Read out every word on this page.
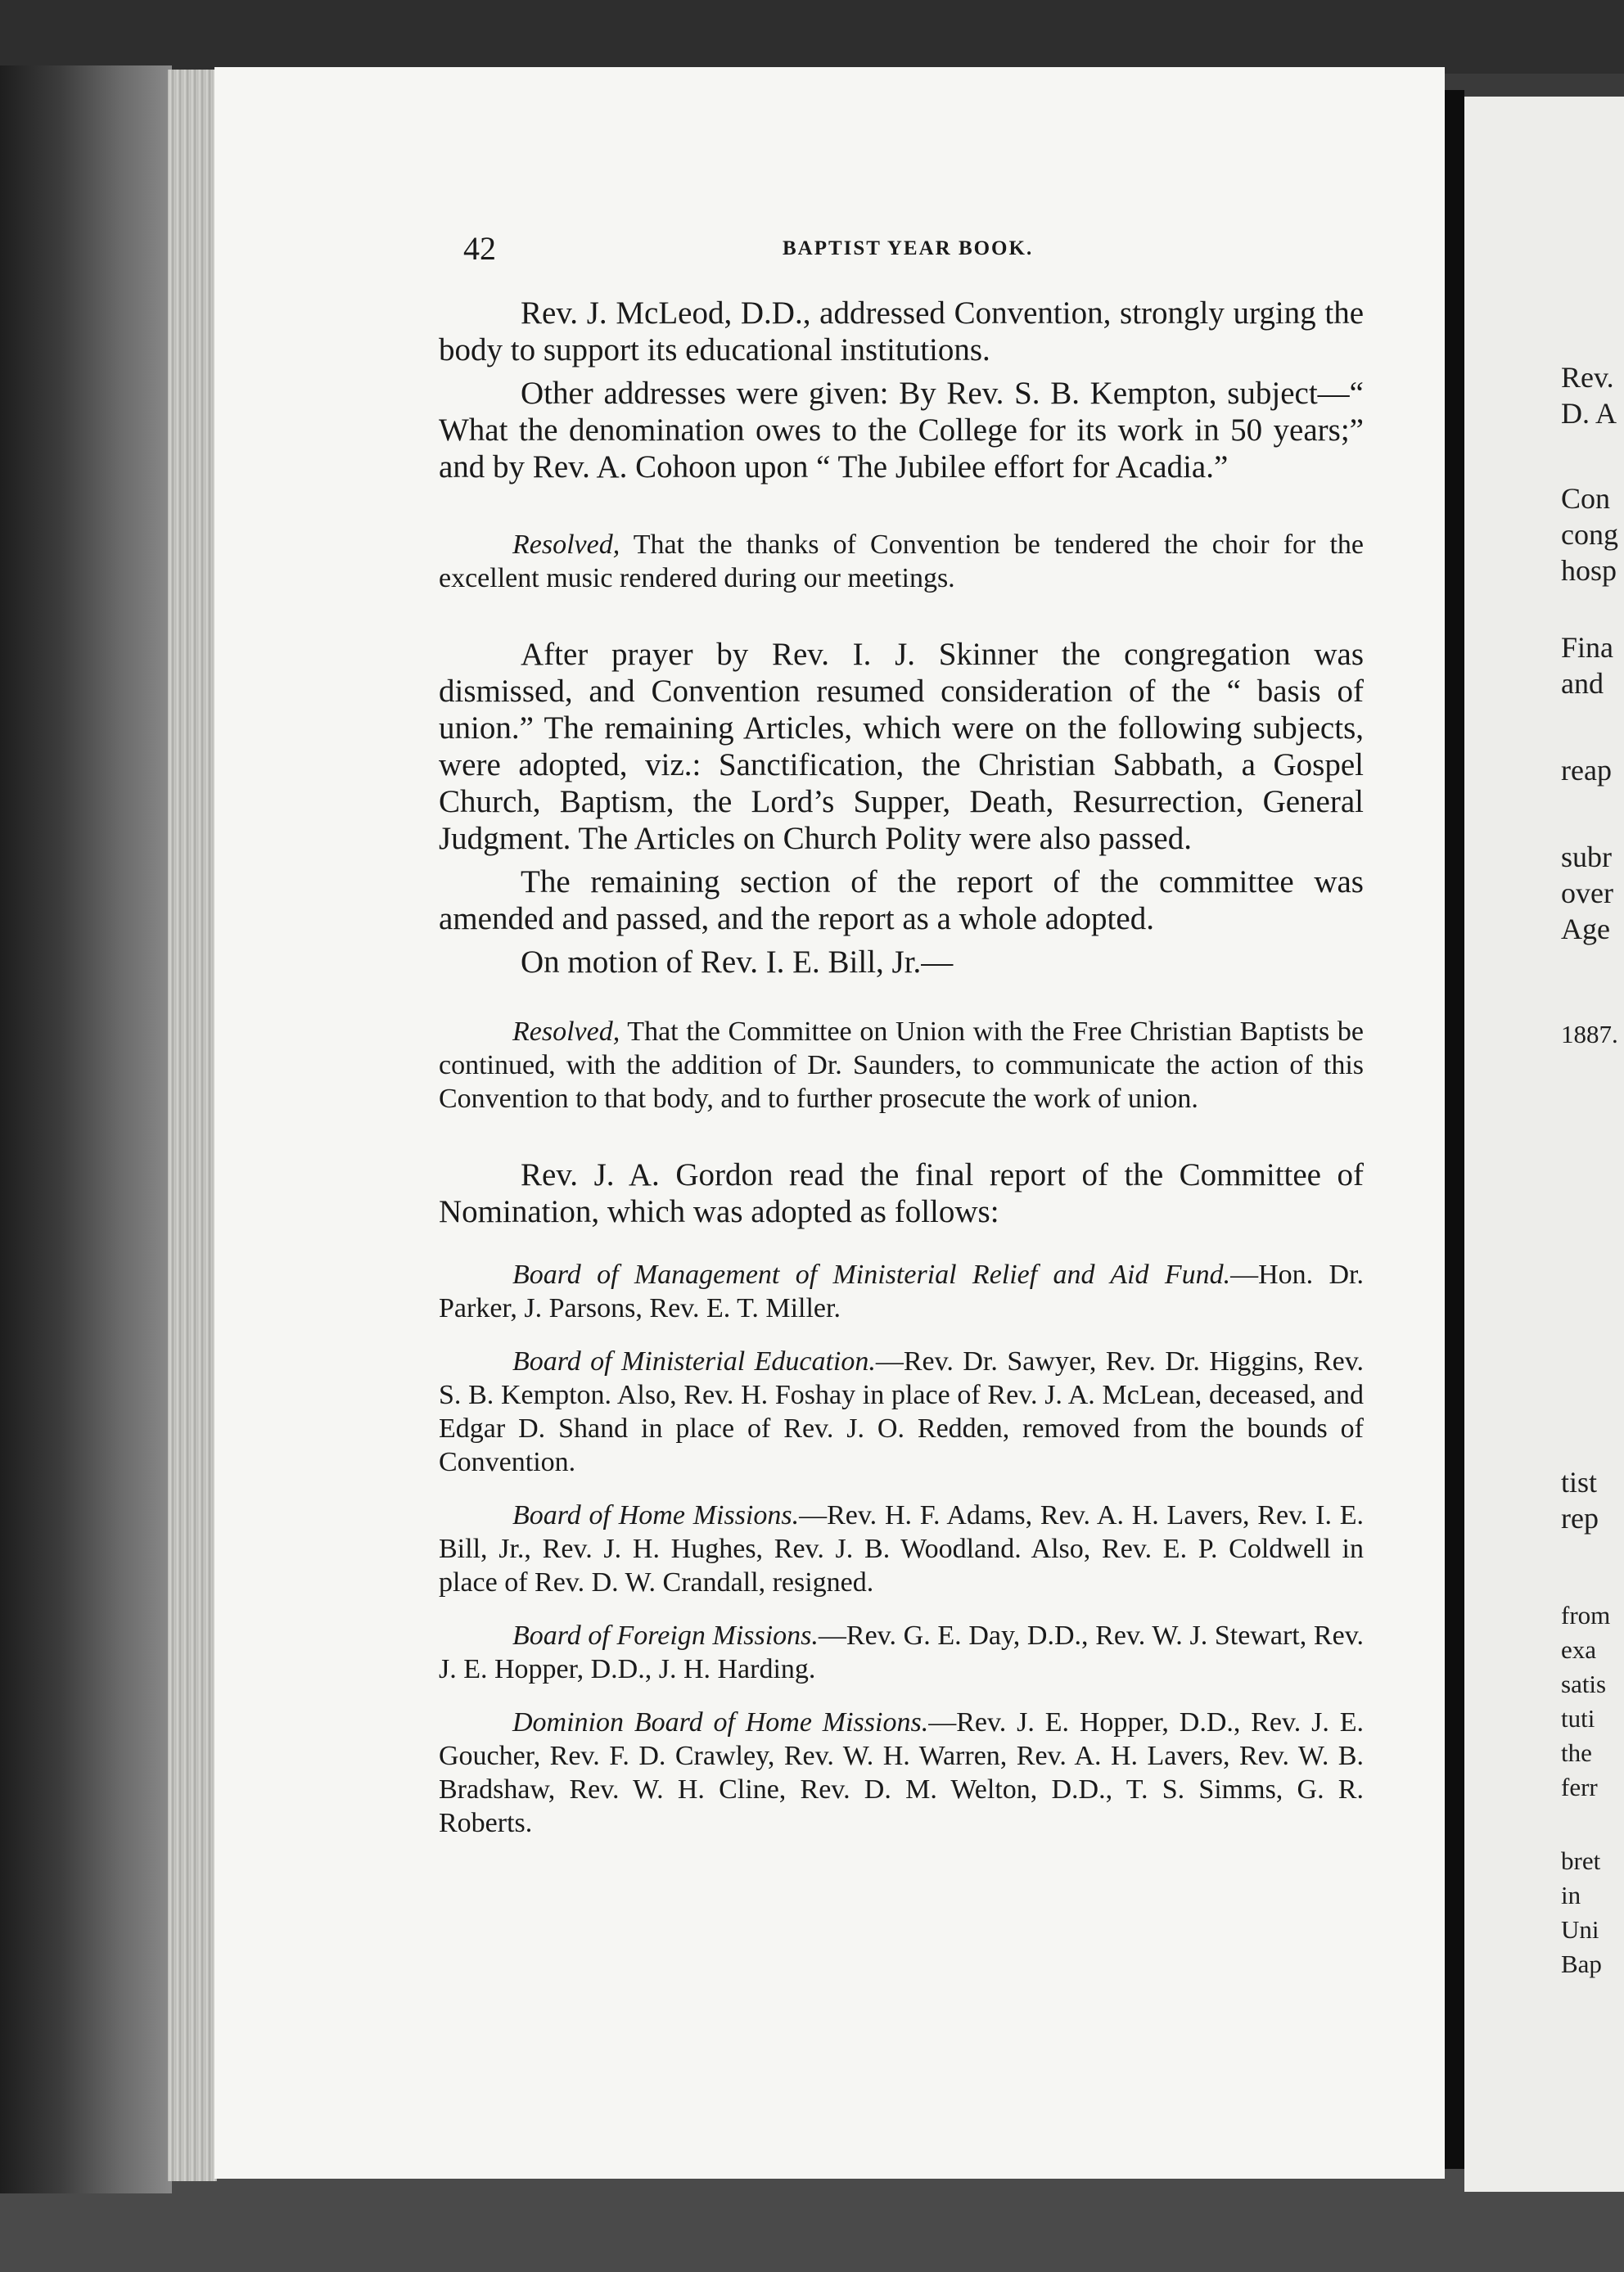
42	BAPTIST YEAR BOOK.

Rev. J. McLeod, D.D., addressed Convention, strongly urging the body to support its educational institutions.

Other addresses were given: By Rev. S. B. Kempton, subject—“ What the denomination owes to the College for its work in 50 years;” and by Rev. A. Cohoon upon “ The Jubilee effort for Acadia.”

Resolved, That the thanks of Convention be tendered the choir for the excellent music rendered during our meetings.

After prayer by Rev. I. J. Skinner the congregation was dismissed, and Convention resumed consideration of the “ basis of union.” The remaining Articles, which were on the following subjects, were adopted, viz.: Sanctification, the Christian Sabbath, a Gospel Church, Baptism, the Lord’s Supper, Death, Resurrection, General Judgment. The Articles on Church Polity were also passed.

The remaining section of the report of the committee was amended and passed, and the report as a whole adopted.

On motion of Rev. I. E. Bill, Jr.—

Resolved, That the Committee on Union with the Free Christian Baptists be continued, with the addition of Dr. Saunders, to communicate the action of this Convention to that body, and to further prosecute the work of union.

Rev. J. A. Gordon read the final report of the Committee of Nomination, which was adopted as follows:

Board of Management of Ministerial Relief and Aid Fund.—Hon. Dr. Parker, J. Parsons, Rev. E. T. Miller.

Board of Ministerial Education.—Rev. Dr. Sawyer, Rev. Dr. Higgins, Rev. S. B. Kempton. Also, Rev. H. Foshay in place of Rev. J. A. McLean, deceased, and Edgar D. Shand in place of Rev. J. O. Redden, removed from the bounds of Convention.

Board of Home Missions.—Rev. H. F. Adams, Rev. A. H. Lavers, Rev. I. E. Bill, Jr., Rev. J. H. Hughes, Rev. J. B. Woodland. Also, Rev. E. P. Coldwell in place of Rev. D. W. Crandall, resigned.

Board of Foreign Missions.—Rev. G. E. Day, D.D., Rev. W. J. Stewart, Rev. J. E. Hopper, D.D., J. H. Harding.

Dominion Board of Home Missions.—Rev. J. E. Hopper, D.D., Rev. J. E. Goucher, Rev. F. D. Crawley, Rev. W. H. Warren, Rev. A. H. Lavers, Rev. W. B. Bradshaw, Rev. W. H. Cline, Rev. D. M. Welton, D.D., T. S. Simms, G. R. Roberts.

Rev.
D. A
Con
cong
hosp
Fina
and
reap
subr
over
Age
1887.
tist
rep
from
exa
satis
tuti
the
ferr
bret
in
Uni
Bap
